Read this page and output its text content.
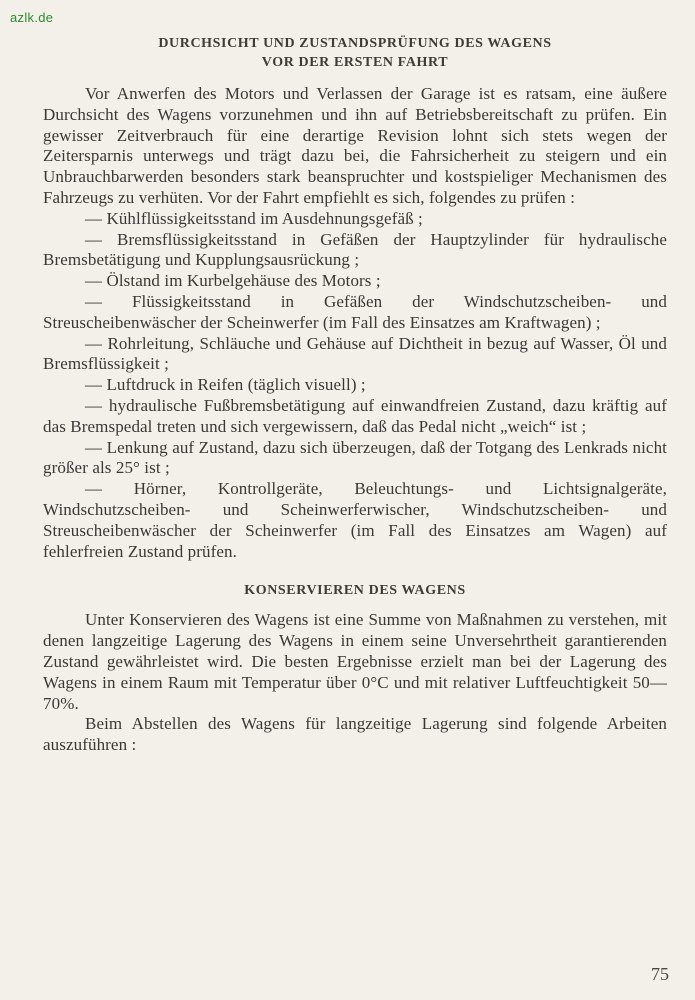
azlk.de
DURCHSICHT UND ZUSTANDSPRÜFUNG DES WAGENS
VOR DER ERSTEN FAHRT

Vor Anwerfen des Motors und Verlassen der Garage ist es ratsam, eine äußere Durchsicht des Wagens vorzunehmen und ihn auf Betriebsbereitschaft zu prüfen. Ein gewisser Zeitverbrauch für eine derartige Revision lohnt sich stets wegen der Zeitersparnis unterwegs und trägt dazu bei, die Fahrsicherheit zu steigern und ein Unbrauchbarwerden besonders stark beanspruchter und kostspieliger Mechanismen des Fahrzeugs zu verhüten. Vor der Fahrt empfiehlt es sich, folgendes zu prüfen :

— Kühlflüssigkeitsstand im Ausdehnungsgefäß ;

— Bremsflüssigkeitsstand in Gefäßen der Hauptzylinder für hydraulische Bremsbetätigung und Kupplungsausrückung ;

— Ölstand im Kurbelgehäuse des Motors ;

— Flüssigkeitsstand in Gefäßen der Windschutzscheiben- und Streuscheibenwäscher der Scheinwerfer (im Fall des Einsatzes am Kraftwagen) ;

— Rohrleitung, Schläuche und Gehäuse auf Dichtheit in bezug auf Wasser, Öl und Bremsflüssigkeit ;

— Luftdruck in Reifen (täglich visuell) ;

— hydraulische Fußbremsbetätigung auf einwandfreien Zustand, dazu kräftig auf das Bremspedal treten und sich vergewissern, daß das Pedal nicht „weich“ ist ;

— Lenkung auf Zustand, dazu sich überzeugen, daß der Totgang des Lenkrads nicht größer als 25° ist ;

— Hörner, Kontrollgeräte, Beleuchtungs- und Lichtsignalgeräte, Windschutzscheiben- und Scheinwerferwischer, Windschutzscheiben- und Streuscheibenwäscher der Scheinwerfer (im Fall des Einsatzes am Wagen) auf fehlerfreien Zustand prüfen.

KONSERVIEREN DES WAGENS

Unter Konservieren des Wagens ist eine Summe von Maßnahmen zu verstehen, mit denen langzeitige Lagerung des Wagens in einem seine Unversehrtheit garantierenden Zustand gewährleistet wird. Die besten Ergebnisse erzielt man bei der Lagerung des Wagens in einem Raum mit Temperatur über 0°C und mit relativer Luftfeuchtigkeit 50—70%.

Beim Abstellen des Wagens für langzeitige Lagerung sind folgende Arbeiten auszuführen :

75
